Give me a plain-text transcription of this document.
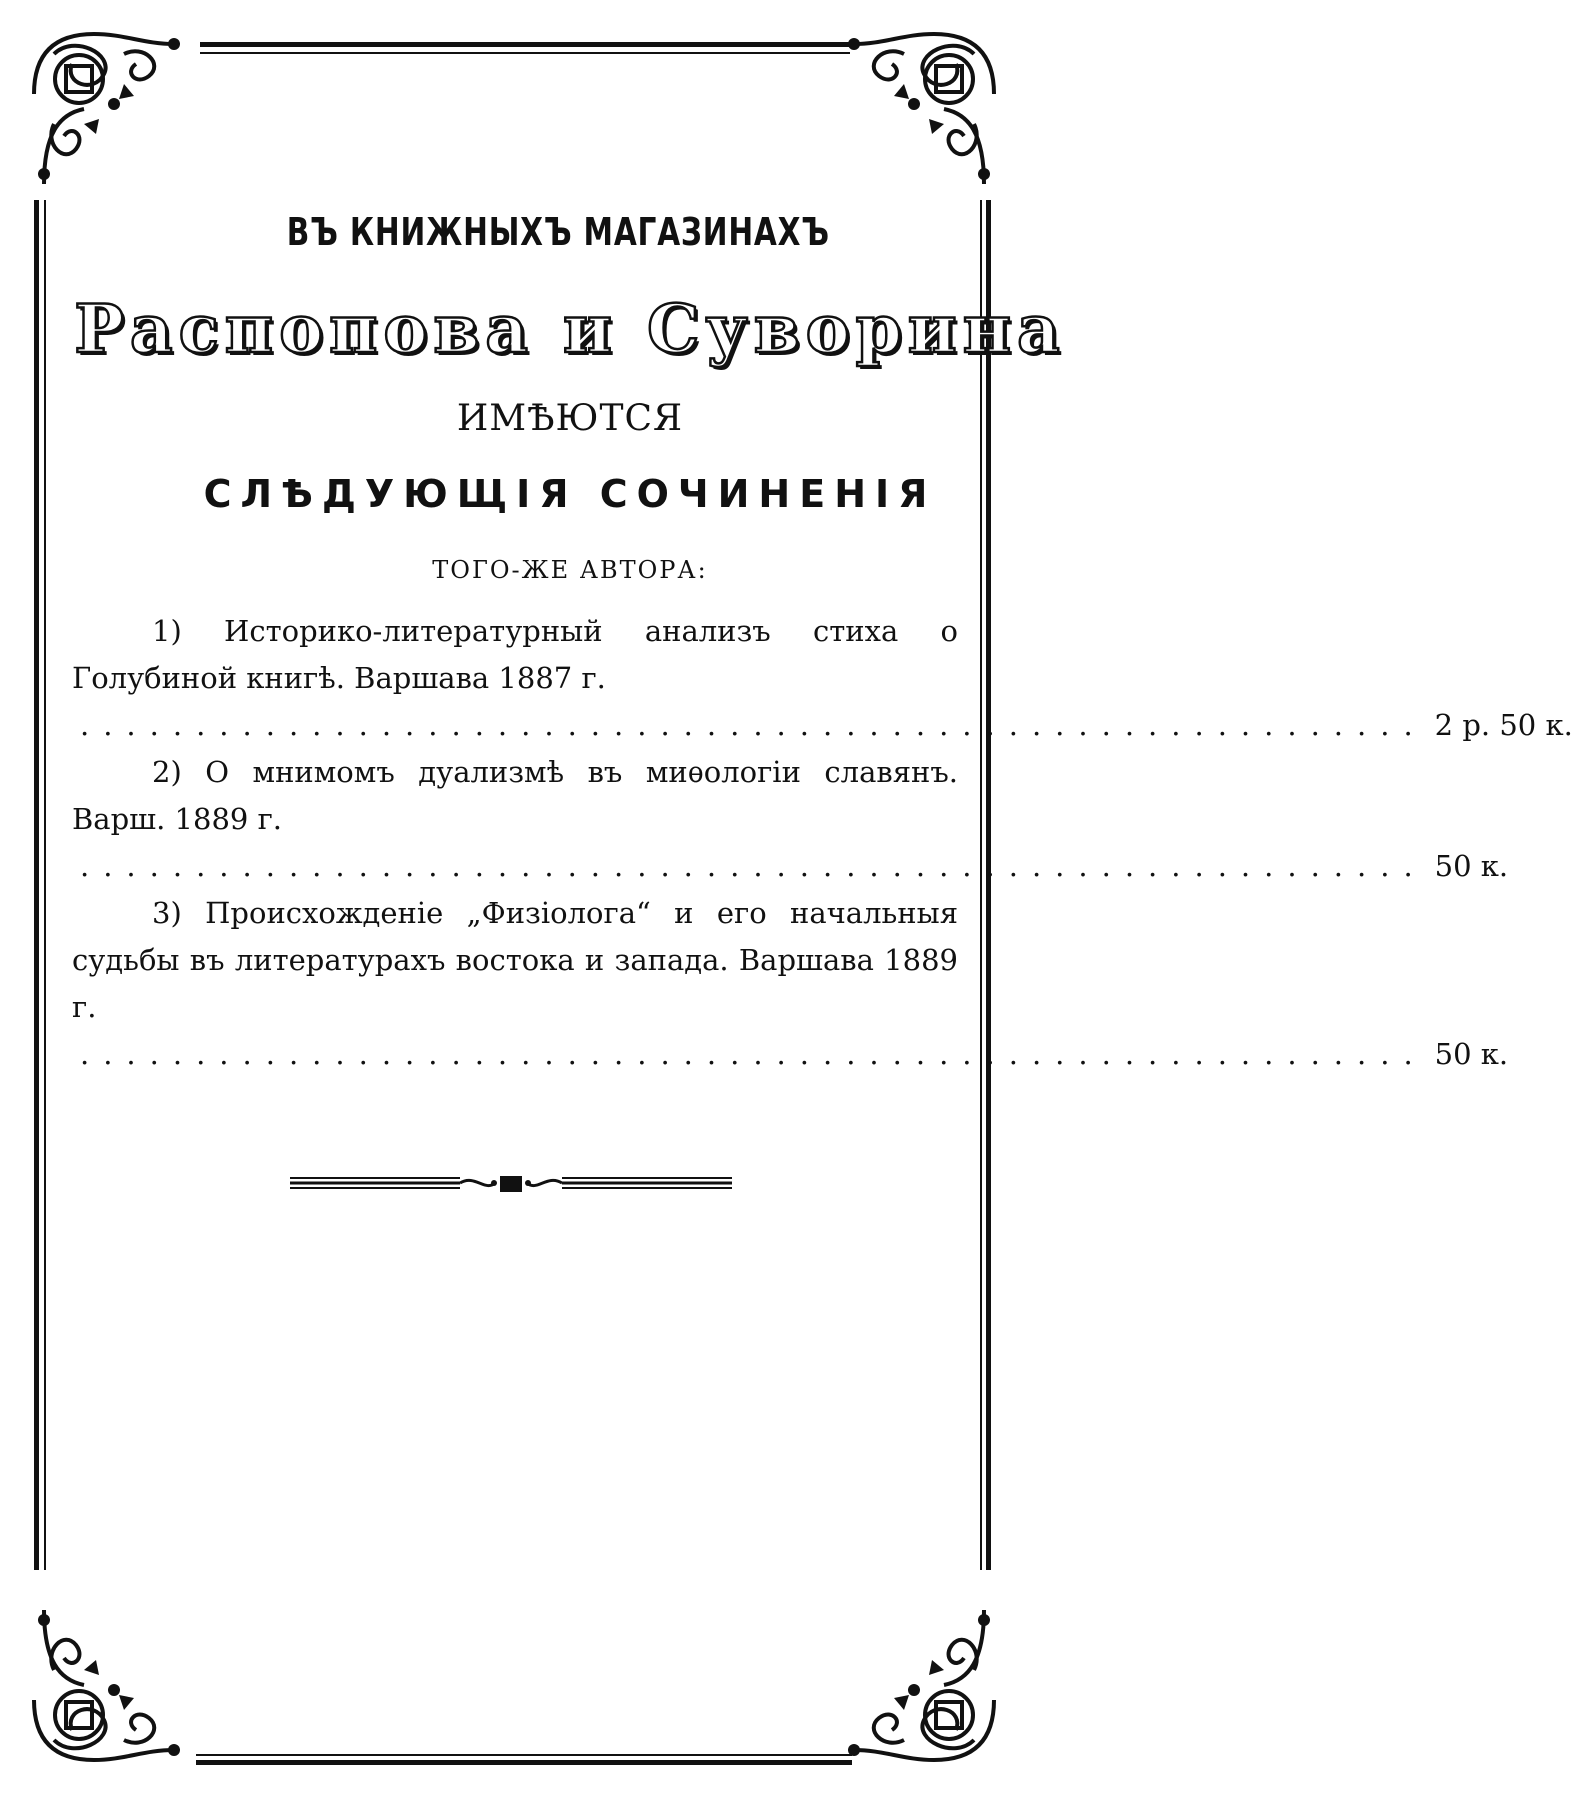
ВЪ КНИЖНЫХЪ МАГАЗИНАХЪ
Распопова и Суворина
ИМѢЮТСЯ
СЛѢДУЮЩІЯ СОЧИНЕНІЯ
ТОГО-ЖЕ АВТОРА:
1) Историко-литературный анализъ стиха о Голубиной книгѣ. Варшава 1887 г.
.......................................................... 2 р. 50 к.
2) О мнимомъ дуализмѣ въ миѳологіи славянъ. Варш. 1889 г.
.......................................................... 50 к.
3) Происхожденіе „Физіолога“ и его начальныя судьбы въ литературахъ востока и запада. Варшава 1889 г.
.......................................................... 50 к.
